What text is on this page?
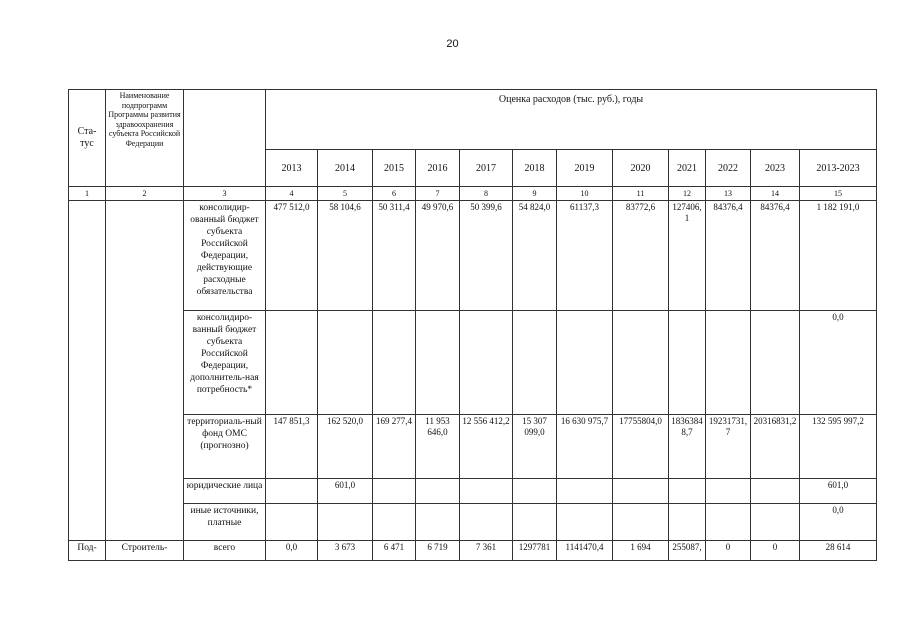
20
Ста-
тус	Наименование подпрограмм Программы развития здравоохранения субъекта Российской Федерации		Оценка расходов (тыс. руб.), годы											
			2013	2014	2015	2016	2017	2018	2019	2020	2021	2022	2023	2013-2023
1	2	3	4	5	6	7	8	9	10	11	12	13	14	15
		консолидир-ованный бюджет субъекта Российской Федерации, действующие расходные обязательства	477 512,0	58 104,6	50 311,4	49 970,6	50 399,6	54 824,0	61137,3	83772,6	127406,1	84376,4	84376,4	1 182 191,0
		консолидиро-ванный бюджет субъекта Российской Федерации, дополнитель-ная потребность*												0,0
		территориаль-ный фонд ОМС (прогнозно)	147 851,3	162 520,0	169 277,4	11 953 646,0	12 556 412,2	15 307 099,0	16 630 975,7	17755804,0	18363848,7	19231731,7	20316831,2	132 595 997,2
		юридические лица		601,0										601,0
		иные источники, платные												0,0
Под-	Строитель-	всего	0,0	3 673	6 471	6 719	7 361	1297781	1141470,4	1 694	255087,	0	0	28 614
